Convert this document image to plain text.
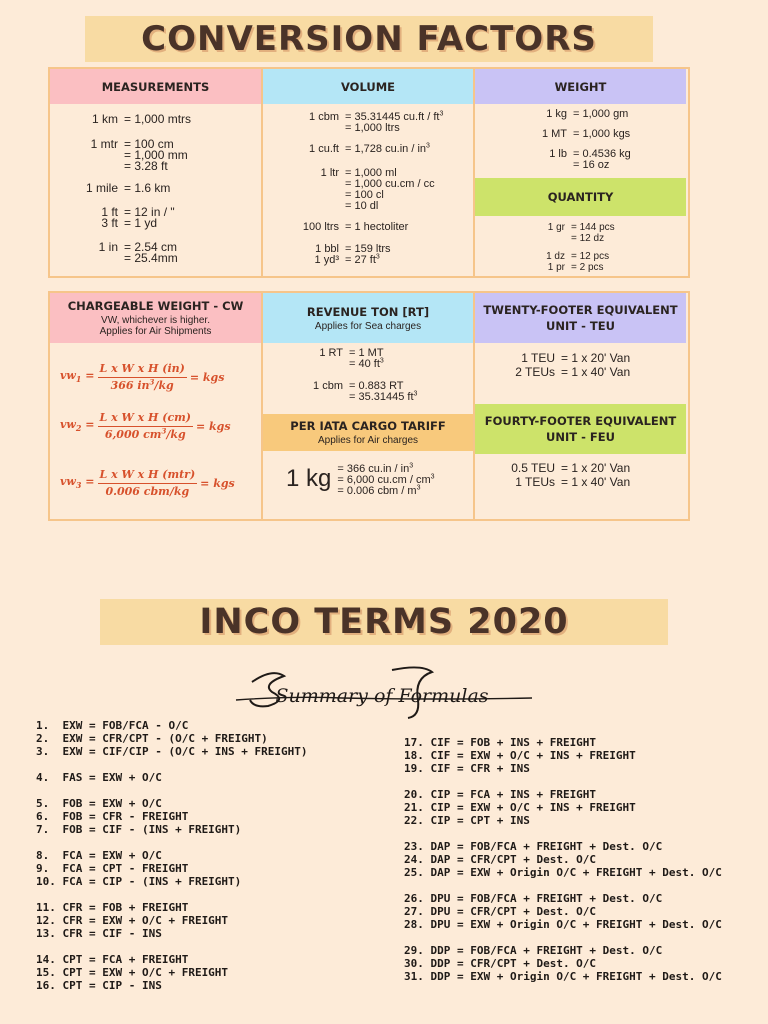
CONVERSION FACTORS
MEASUREMENTS	VOLUME	WEIGHT
QUANTITY
1 km = 1,000 mtrs
1 mtr = 100 cm
= 1,000 mm
= 3.28 ft
1 mile = 1.6 km
1 ft
3 ft
= 12 in / "
= 1 yd
1 in = 2.54 cm
= 25.4mm
1 cbm = 35.31445 $cu.ft / ft^3$
= 1,000 ltrs
1 cu.ft = 1,728 $cu.in / in^3$
1 ltr = 1,000 ml
= 1,000 cu.cm / cc
= 100 cl
= 10 dl
100 ltrs = 1 hectoliter
1 bbl
1 yd³
= 159 ltrs
= 27 $ft^3$
1 kg = 1,000 gm
1 MT = 1,000 kgs
1 lb = 0.4536 kg
= 16 oz
1 gr = 144 pcs
= 12 dz
1 dz
1 pr
= 12 pcs
= 2 pcs
CHARGEABLE WEIGHT - CW
VW, whichever is higher.
Applies for Air Shipments
REVENUE TON [RT]
Applies for Sea charges
PER IATA CARGO TARIFF
Applies for Air charges
TWENTY-FOOTER EQUIVALENT
UNIT - TEU
FOURTY-FOOTER EQUIVALENT
UNIT - FEU
$vw_1 = \frac{\text{L x W x H (in)}}{366 in^3/kg}$ = kgs
$vw_2 = \frac{\text{L x W x H (cm)}}{6,000 cm^3/kg}$ = kgs
$vw_3 = \frac{\text{L x W x H (mtr)}}{\text{0.006 cbm/kg}}$ = kgs
1 RT = 1 MT
= 40 $ft^3$
1 cbm = 0.883 RT
= 35.31445 $ft^3$
1 TEU = 1 x 20' Van
2 TEUs = 1 x 40' Van
0.5 TEU = 1 x 20' Van
1 TEUs = 1 x 40' Van
1 kg = 366 $cu.in / in^3$
= 6,000 $cu.cm / cm^3$
= 0.006 cbm / $m^3$
INCO TERMS 2020
Summary of Formulas
1.  EXW = FOB/FCA - O/C
2.  EXW = CFR/CPT - (O/C + FREIGHT)
3.  EXW = CIF/CIP - (O/C + INS + FREIGHT)
4.  FAS = EXW + O/C
5.  FOB = EXW + O/C
6.  FOB = CFR - FREIGHT
7.  FOB = CIF - (INS + FREIGHT)
8.  FCA = EXW + O/C
9.  FCA = CPT - FREIGHT
10. FCA = CIP - (INS + FREIGHT)
11. CFR = FOB + FREIGHT
12. CFR = EXW + O/C + FREIGHT
13. CFR = CIF - INS
14. CPT = FCA + FREIGHT
15. CPT = EXW + O/C + FREIGHT
16. CPT = CIP - INS
17. CIF = FOB + INS + FREIGHT
18. CIF = EXW + O/C + INS + FREIGHT
19. CIF = CFR + INS
20. CIP = FCA + INS + FREIGHT
21. CIP = EXW + O/C + INS + FREIGHT
22. CIP = CPT + INS
23. DAP = FOB/FCA + FREIGHT + Dest. O/C
24. DAP = CFR/CPT + Dest. O/C
25. DAP = EXW + Origin O/C + FREIGHT + Dest. O/C
26. DPU = FOB/FCA + FREIGHT + Dest. O/C
27. DPU = CFR/CPT + Dest. O/C
28. DPU = EXW + Origin O/C + FREIGHT + Dest. O/C
29. DDP = FOB/FCA + FREIGHT + Dest. O/C
30. DDP = CFR/CPT + Dest. O/C
31. DDP = EXW + Origin O/C + FREIGHT + Dest. O/C
